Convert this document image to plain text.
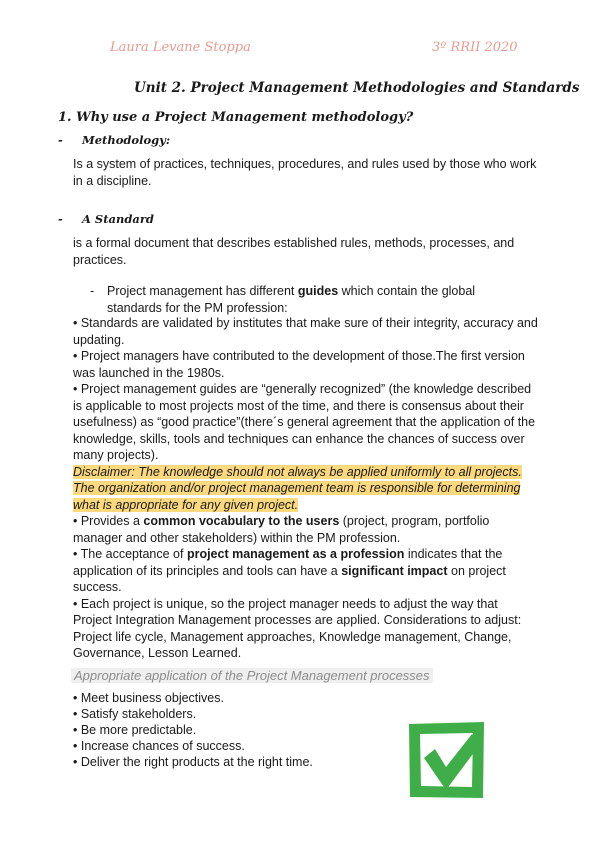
Laura Levane Stoppa	3º RRII 2020
Unit 2. Project Management Methodologies and Standards
1. Why use a Project Management methodology?
- Methodology:
Is a system of practices, techniques, procedures, and rules used by those who work in a discipline.
- A Standard
is a formal document that describes established rules, methods, processes, and practices.
- Project management has different guides which contain the global standards for the PM profession:

• Standards are validated by institutes that make sure of their integrity, accuracy and updating.

• Project managers have contributed to the development of those.The first version was launched in the 1980s.

• Project management guides are “generally recognized” (the knowledge described is applicable to most projects most of the time, and there is consensus about their usefulness) as “good practice”(there´s general agreement that the application of the knowledge, skills, tools and techniques can enhance the chances of success over many projects).

Disclaimer: The knowledge should not always be applied uniformly to all projects. The organization and/or project management team is responsible for determining what is appropriate for any given project.

• Provides a common vocabulary to the users (project, program, portfolio manager and other stakeholders) within the PM profession.

• The acceptance of project management as a profession indicates that the application of its principles and tools can have a significant impact on project success.

• Each project is unique, so the project manager needs to adjust the way that Project Integration Management processes are applied. Considerations to adjust: Project life cycle, Management approaches, Knowledge management, Change, Governance, Lesson Learned.

Appropriate application of the Project Management processes
• Meet business objectives.
• Satisfy stakeholders.
• Be more predictable.
• Increase chances of success.
• Deliver the right products at the right time.
